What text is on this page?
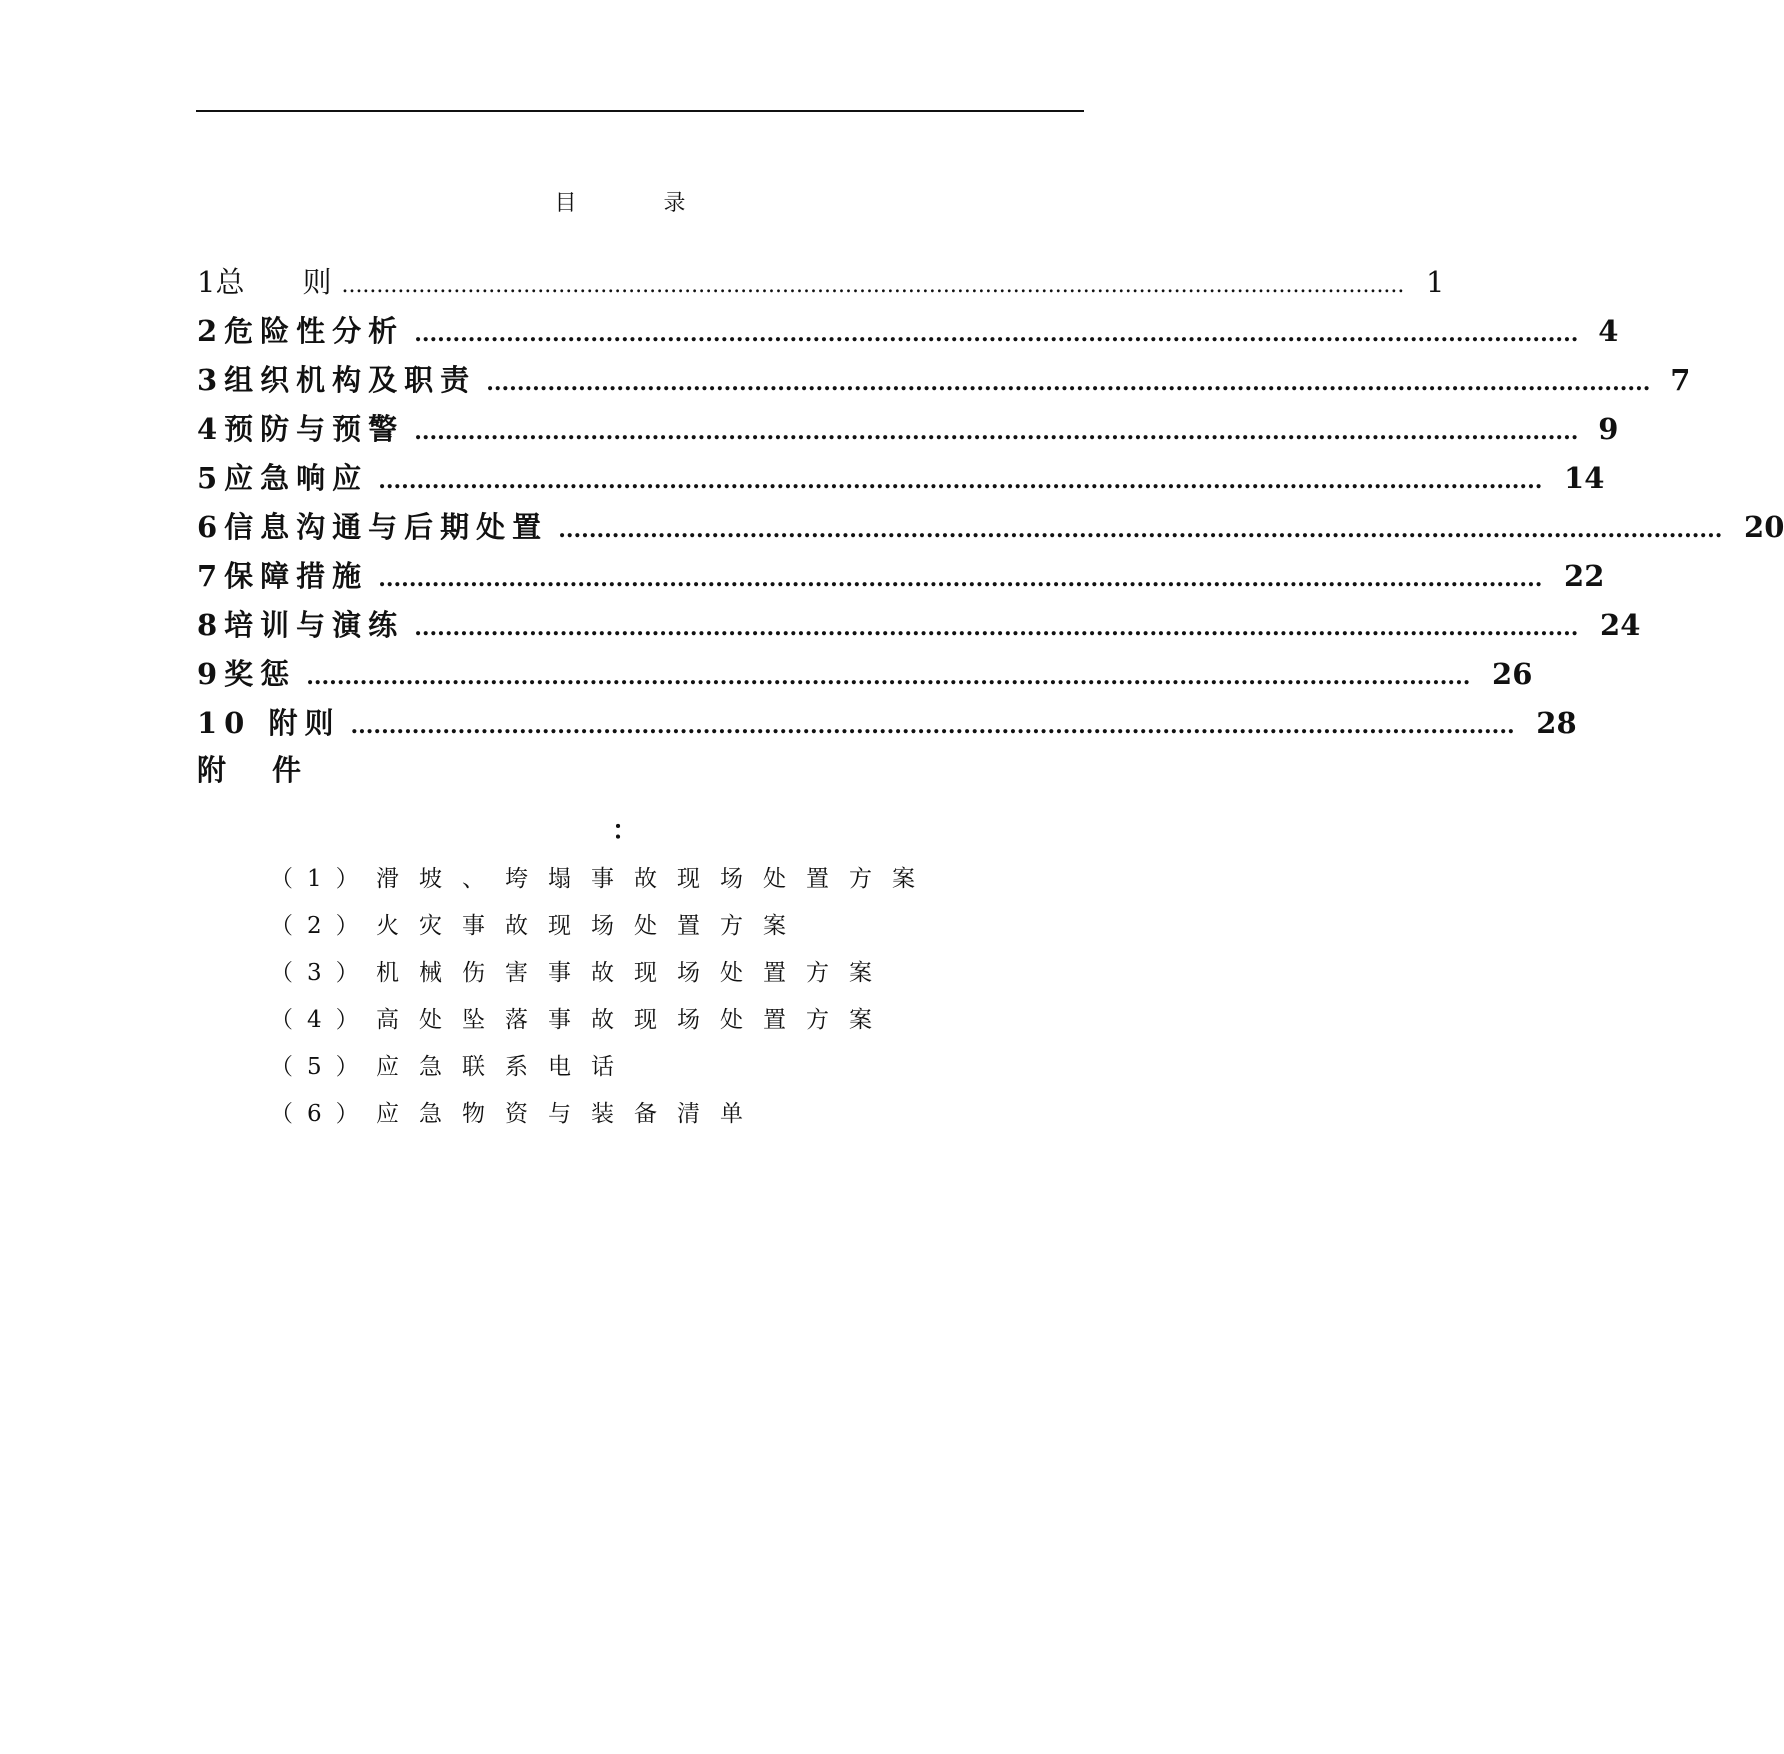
目 录
1总　　则 ........................................................................................................................................................ 1
2危险性分析 ........................................................................................................................................................ 4
3组织机构及职责 ........................................................................................................................................................ 7
4预防与预警 ........................................................................................................................................................ 9
5应急响应 ........................................................................................................................................................ 14
6信息沟通与后期处置 ........................................................................................................................................................ 20
7保障措施 ........................................................................................................................................................ 22
8培训与演练 ........................................................................................................................................................ 24
9奖惩 ........................................................................................................................................................ 26
10 附则 ........................................................................................................................................................ 28
附件
：
（1） 滑坡、垮塌事故现场处置方案
（2） 火灾事故现场处置方案
（3） 机械伤害事故现场处置方案
（4） 高处坠落事故现场处置方案
（5） 应急联系电话
（6） 应急物资与装备清单
